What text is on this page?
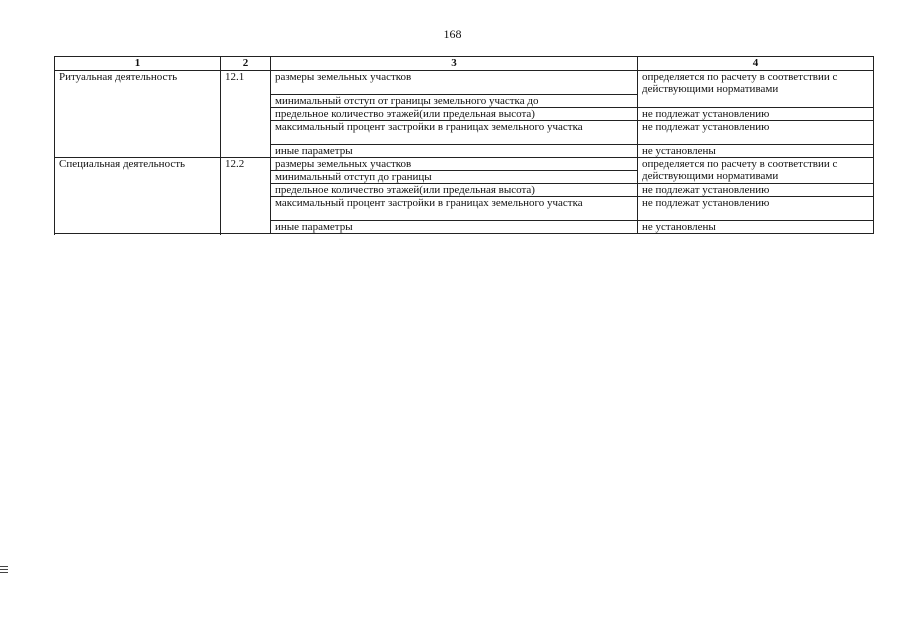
168
1	2	3	4
Ритуальная деятельность	12.1	размеры земельных участков	определяется по расчету в соответствии с действующими нормативами

		минимальный отступ от границы земельного участка до	
		предельное количество этажей(или предельная высота)	не подлежат установлению
		максимальный процент застройки в границах земельного участка	не подлежат установлению
		иные параметры	не установлены
Специальная деятельность	12.2	размеры земельных участков	определяется по расчету в соответствии с действующими нормативами
		минимальный отступ до границы	
		предельное количество этажей(или предельная высота)	не подлежат установлению
		максимальный процент застройки в границах земельного участка	не подлежат установлению
		иные параметры	не установлены
